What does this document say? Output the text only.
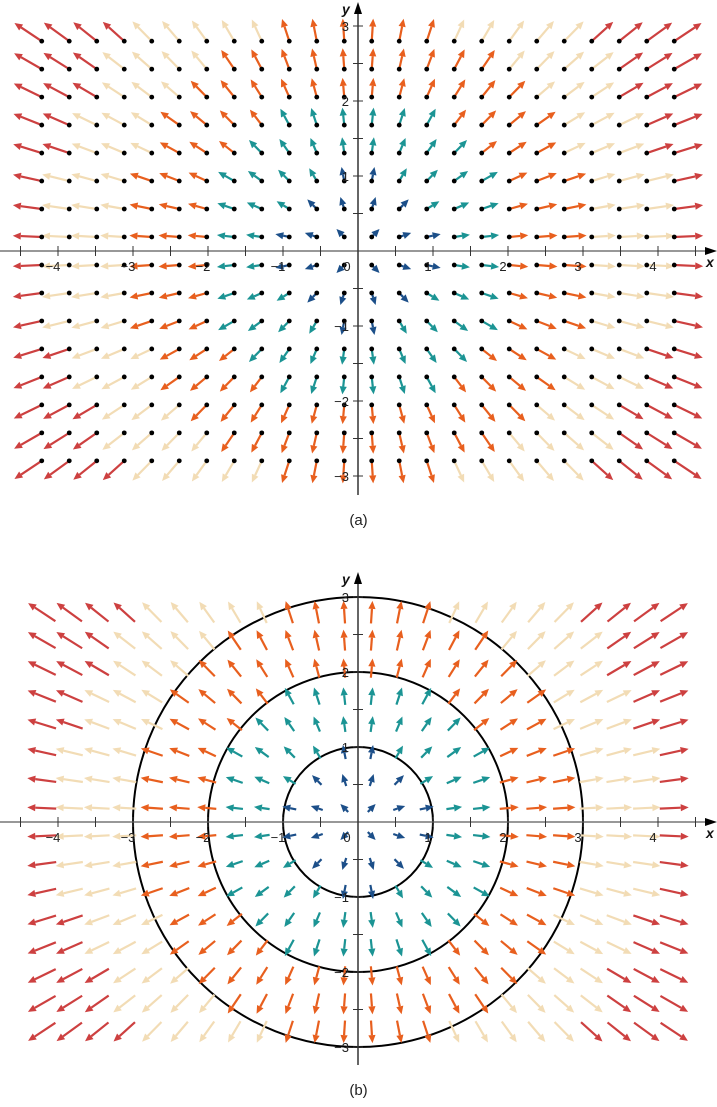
x
y
−4	−3	−2	−1	0	1	2	3	4
−3
−2
−1
1
2
3
x
y
−4	−3	−2	−1	0	1	2	3	4
−3
−2
−1
1
2
3
(a)
(b)
